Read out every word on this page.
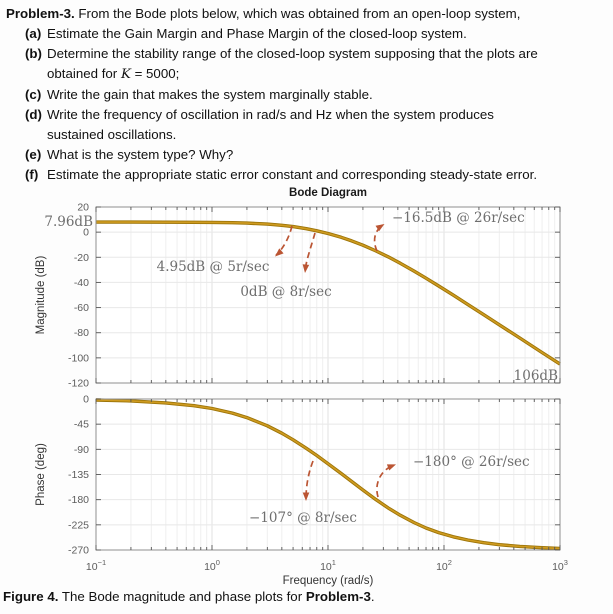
Problem-3. From the Bode plots below, which was obtained from an open-loop system,
(a) Estimate the Gain Margin and Phase Margin of the closed-loop system.
(b) Determine the stability range of the closed-loop system supposing that the plots are
obtained for K = 5000;
(c) Write the gain that makes the system marginally stable.
(d) Write the frequency of oscillation in rad/s and Hz when the system produces
sustained oscillations.
(e) What is the system type? Why?
(f) Estimate the appropriate static error constant and corresponding steady-state error.
20
0
-20
-40
-60
-80
-100
-120
Magnitude (dB)
7.96dB
4.95dB @ 5r/sec
0dB @ 8r/sec
−16.5dB @ 26r/sec
106dB
0
-45
-90
-135
-180
-225
-270
Phase (deg)
−107° @ 8r/sec
−180° @ 26r/sec
$10^{-1}$	$10^0$	$10^1$	$10^2$	$10^3$
Bode Diagram
Frequency (rad/s)
Figure 4. The Bode magnitude and phase plots for Problem-3.
